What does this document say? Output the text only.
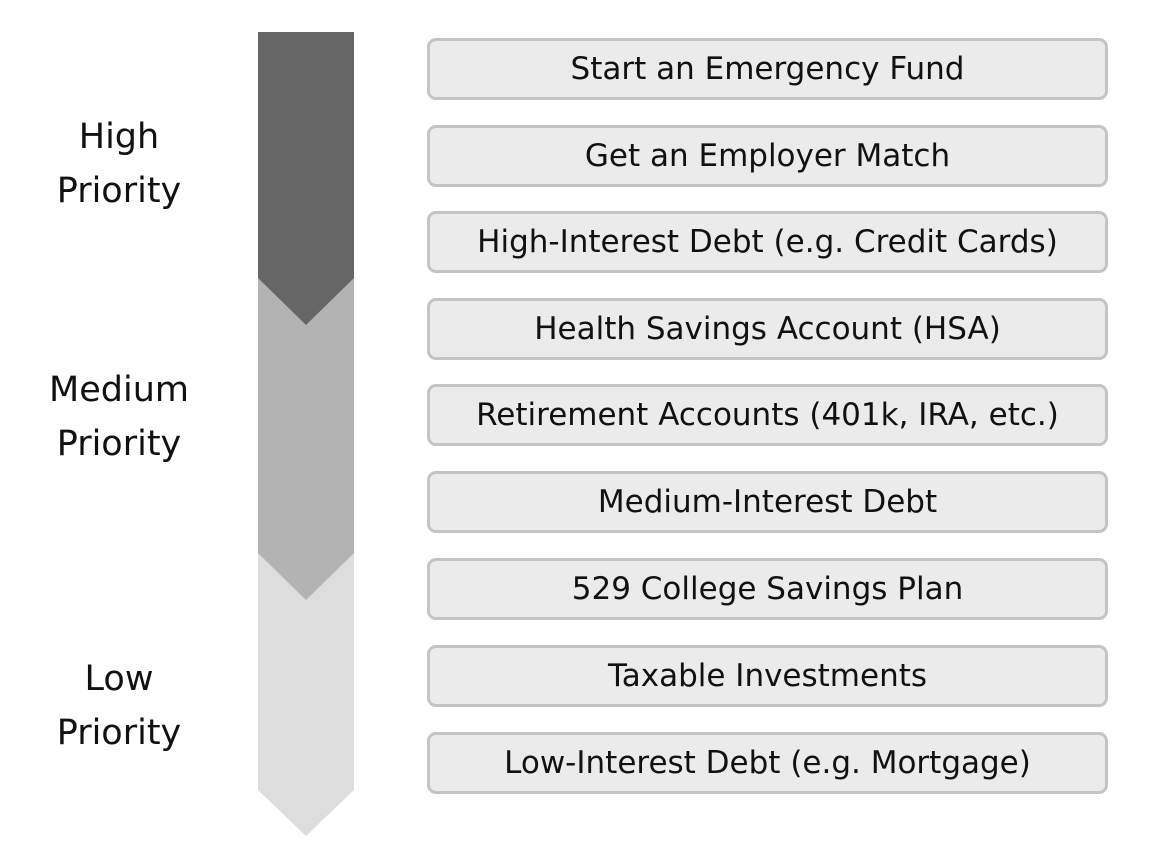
High
Priority
Medium
Priority
Low
Priority
Start an Emergency Fund
Get an Employer Match
High-Interest Debt (e.g. Credit Cards)
Health Savings Account (HSA)
Retirement Accounts (401k, IRA, etc.)
Medium-Interest Debt
529 College Savings Plan
Taxable Investments
Low-Interest Debt (e.g. Mortgage)
